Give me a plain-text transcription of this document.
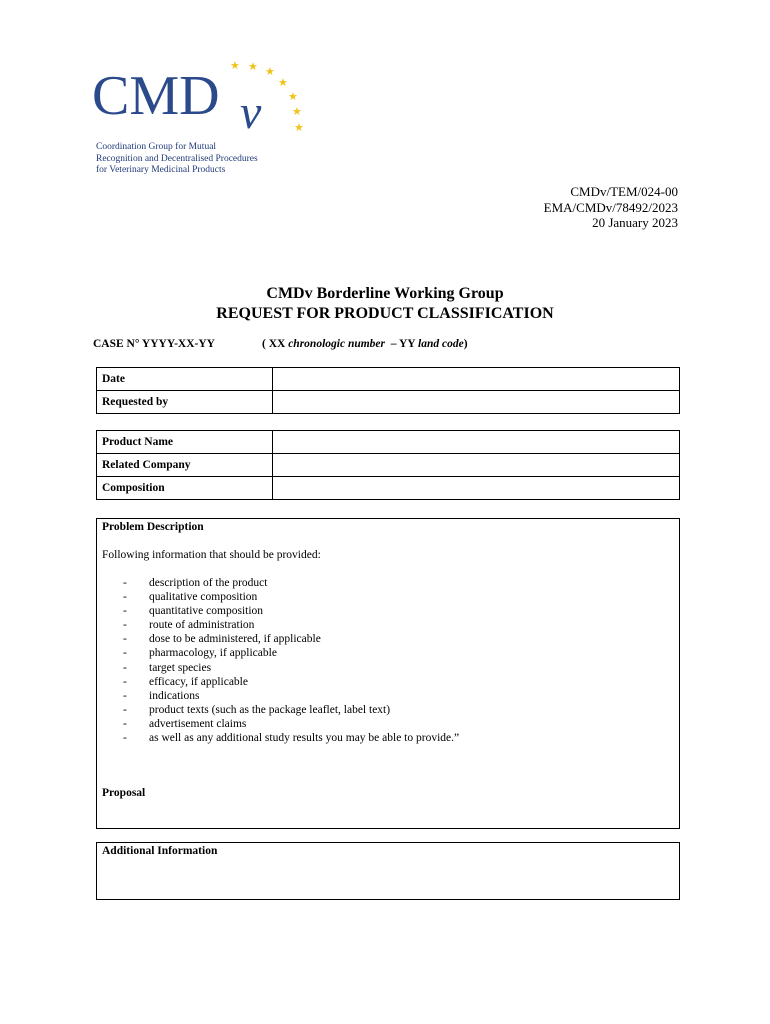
CMD v
★ ★ ★
★
★
★
★
Coordination Group for Mutual
Recognition and Decentralised Procedures
for Veterinary Medicinal Products
CMDv/TEM/024-00
EMA/CMDv/78492/2023
20 January 2023
CMDv Borderline Working Group
REQUEST FOR PRODUCT CLASSIFICATION
CASE N° YYYY-XX-YY	( XX chronologic number  – YY land code)
Date	
Requested by	
Product Name	
Related Company	
Composition	
Problem Description
Following information that should be provided:
-	description of the product
-	qualitative composition
-	quantitative composition
-	route of administration
-	dose to be administered, if applicable
-	pharmacology, if applicable
-	target species
-	efficacy, if applicable
-	indications
-	product texts (such as the package leaflet, label text)
-	advertisement claims
-	as well as any additional study results you may be able to provide.”
Proposal
Additional Information
